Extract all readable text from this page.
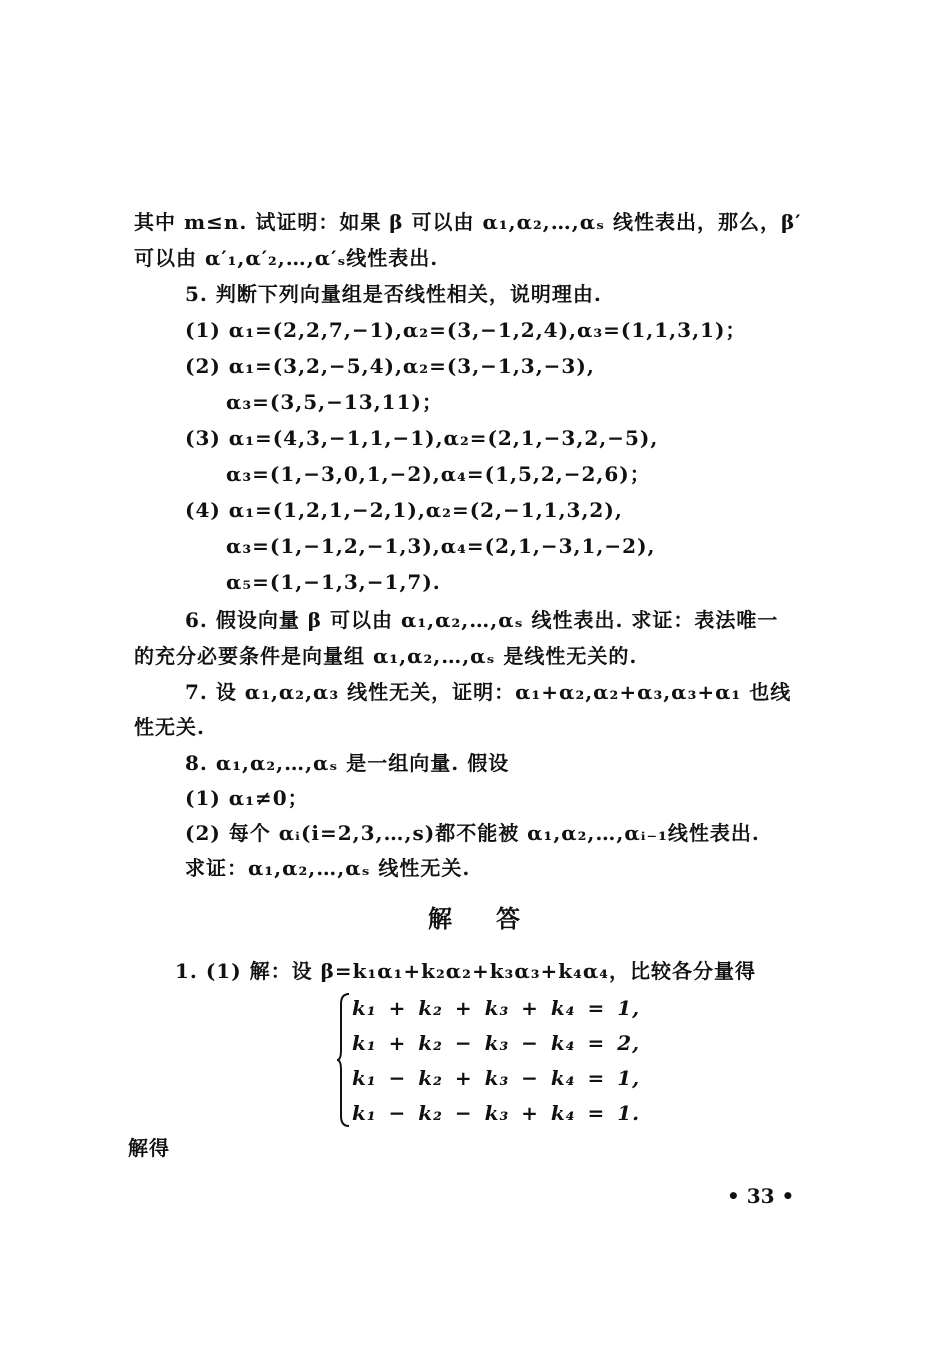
其中 m≤n. 试证明：如果 β 可以由 α₁,α₂,…,αₛ 线性表出，那么，β′
可以由 α′₁,α′₂,…,α′ₛ线性表出.
5. 判断下列向量组是否线性相关，说明理由.
(1) α₁=(2,2,7,−1),α₂=(3,−1,2,4),α₃=(1,1,3,1)；
(2) α₁=(3,2,−5,4),α₂=(3,−1,3,−3),
α₃=(3,5,−13,11)；
(3) α₁=(4,3,−1,1,−1),α₂=(2,1,−3,2,−5),
α₃=(1,−3,0,1,−2),α₄=(1,5,2,−2,6)；
(4) α₁=(1,2,1,−2,1),α₂=(2,−1,1,3,2),
α₃=(1,−1,2,−1,3),α₄=(2,1,−3,1,−2),
α₅=(1,−1,3,−1,7).
6. 假设向量 β 可以由 α₁,α₂,…,αₛ 线性表出. 求证：表法唯一
的充分必要条件是向量组 α₁,α₂,…,αₛ 是线性无关的.
7. 设 α₁,α₂,α₃ 线性无关，证明：α₁+α₂,α₂+α₃,α₃+α₁ 也线
性无关.
8. α₁,α₂,…,αₛ 是一组向量. 假设
(1) α₁≠0；
(2) 每个 αᵢ(i=2,3,…,s)都不能被 α₁,α₂,…,αᵢ₋₁线性表出.
求证：α₁,α₂,…,αₛ 线性无关.
解答
1. (1) 解：设 β=k₁α₁+k₂α₂+k₃α₃+k₄α₄，比较各分量得
k₁ + k₂ + k₃ + k₄ = 1,
k₁ + k₂ − k₃ − k₄ = 2,
k₁ − k₂ + k₃ − k₄ = 1,
k₁ − k₂ − k₃ + k₄ = 1.
解得
• 33 •
